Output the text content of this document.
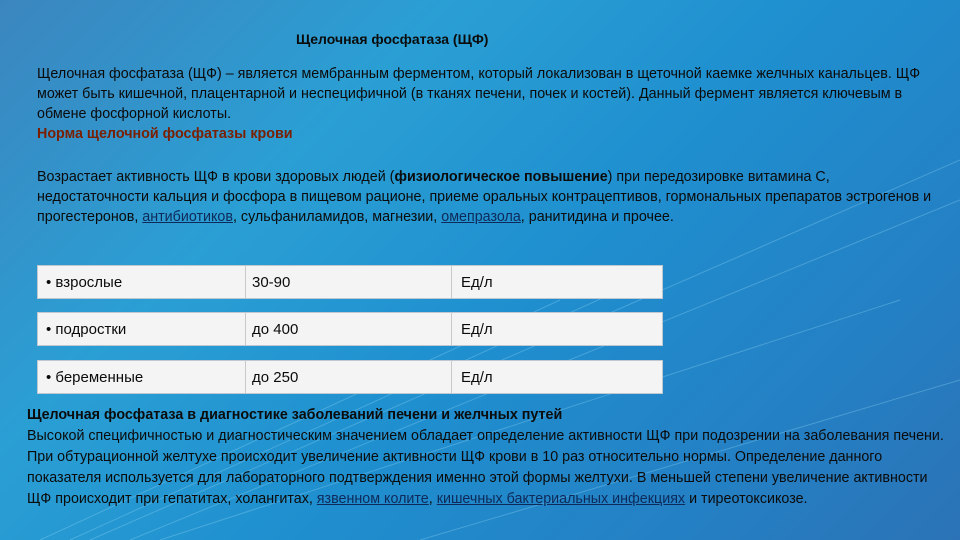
Щелочная фосфатаза (ЩФ)
Щелочная фосфатаза (ЩФ) – является мембранным ферментом, который локализован в щеточной каемке желчных канальцев. ЩФ может быть кишечной, плацентарной и неспецифичной (в тканях печени, почек и костей). Данный фермент является ключевым в обмене фосфорной кислоты.
Норма щелочной фосфатазы крови
Возрастает активность ЩФ в крови здоровых людей (физиологическое повышение) при передозировке витамина С, недостаточности кальция и фосфора в пищевом рационе, приеме оральных контрацептивов, гормональных препаратов эстрогенов и прогестеронов, антибиотиков, сульфаниламидов, магнезии, омепразола, ранитидина и прочее.
• взрослые	30-90	Ед/л
• подростки	до 400	Ед/л
• беременные	до 250	Ед/л
Щелочная фосфатаза в диагностике заболеваний печени и желчных путей
Высокой специфичностью и диагностическим значением обладает определение активности ЩФ при подозрении на заболевания печени. При обтурационной желтухе происходит увеличение активности ЩФ крови в 10 раз относительно нормы. Определение данного показателя используется для лабораторного подтверждения именно этой формы желтухи. В меньшей степени увеличение активности ЩФ происходит при гепатитах, холангитах, язвенном колите, кишечных бактериальных инфекциях и тиреотоксикозе.
